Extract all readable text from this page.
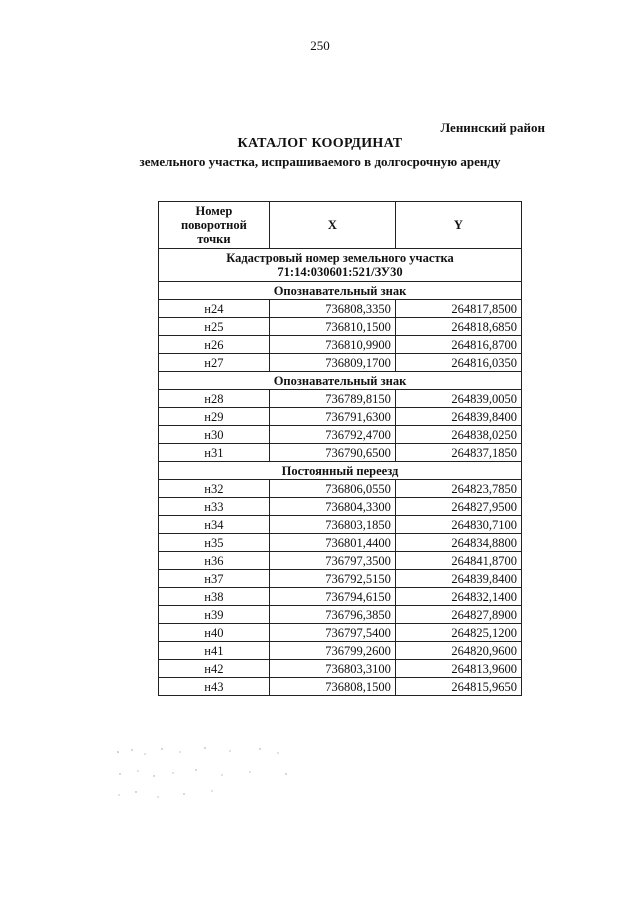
250
Ленинский район
КАТАЛОГ КООРДИНАТ
земельного участка, испрашиваемого в долгосрочную аренду
Номер поворотной точки	X	Y

Кадастровый номер земельного участка
71:14:030601:521/ЗУ30		

Опознавательный знак		
н24	736808,3350	264817,8500
н25	736810,1500	264818,6850
н26	736810,9900	264816,8700
н27	736809,1700	264816,0350
Опознавательный знак		
н28	736789,8150	264839,0050
н29	736791,6300	264839,8400
н30	736792,4700	264838,0250
н31	736790,6500	264837,1850
Постоянный переезд		
н32	736806,0550	264823,7850
н33	736804,3300	264827,9500
н34	736803,1850	264830,7100
н35	736801,4400	264834,8800
н36	736797,3500	264841,8700
н37	736792,5150	264839,8400
н38	736794,6150	264832,1400
н39	736796,3850	264827,8900
н40	736797,5400	264825,1200
н41	736799,2600	264820,9600
н42	736803,3100	264813,9600
н43	736808,1500	264815,9650
